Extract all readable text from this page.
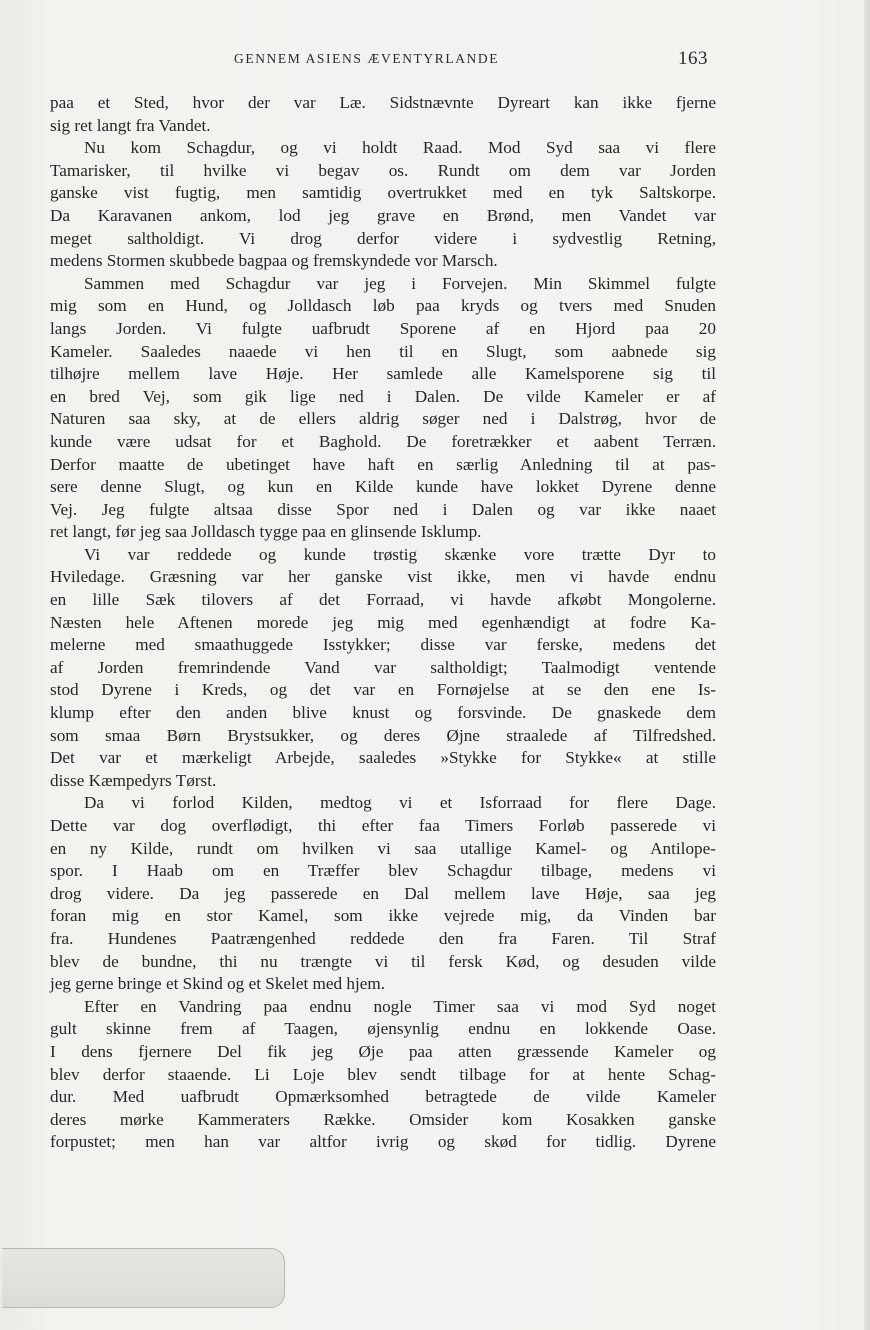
GENNEM ASIENS ÆVENTYRLANDE	163
paa et Sted, hvor der var Læ. Sidstnævnte Dyreart kan ikke fjerne
sig ret langt fra Vandet.
Nu kom Schagdur, og vi holdt Raad. Mod Syd saa vi flere
Tamarisker, til hvilke vi begav os. Rundt om dem var Jorden
ganske vist fugtig, men samtidig overtrukket med en tyk Saltskorpe.
Da Karavanen ankom, lod jeg grave en Brønd, men Vandet var
meget saltholdigt. Vi drog derfor videre i sydvestlig Retning,
medens Stormen skubbede bagpaa og fremskyndede vor Marsch.
Sammen med Schagdur var jeg i Forvejen. Min Skimmel fulgte
mig som en Hund, og Jolldasch løb paa kryds og tvers med Snuden
langs Jorden. Vi fulgte uafbrudt Sporene af en Hjord paa 20
Kameler. Saaledes naaede vi hen til en Slugt, som aabnede sig
tilhøjre mellem lave Høje. Her samlede alle Kamelsporene sig til
en bred Vej, som gik lige ned i Dalen. De vilde Kameler er af
Naturen saa sky, at de ellers aldrig søger ned i Dalstrøg, hvor de
kunde være udsat for et Baghold. De foretrækker et aabent Terræn.
Derfor maatte de ubetinget have haft en særlig Anledning til at pas-
sere denne Slugt, og kun en Kilde kunde have lokket Dyrene denne
Vej. Jeg fulgte altsaa disse Spor ned i Dalen og var ikke naaet
ret langt, før jeg saa Jolldasch tygge paa en glinsende Isklump.
Vi var reddede og kunde trøstig skænke vore trætte Dyr to
Hviledage. Græsning var her ganske vist ikke, men vi havde endnu
en lille Sæk tilovers af det Forraad, vi havde afkøbt Mongolerne.
Næsten hele Aftenen morede jeg mig med egenhændigt at fodre Ka-
melerne med smaathuggede Isstykker; disse var ferske, medens det
af Jorden fremrindende Vand var saltholdigt; Taalmodigt ventende
stod Dyrene i Kreds, og det var en Fornøjelse at se den ene Is-
klump efter den anden blive knust og forsvinde. De gnaskede dem
som smaa Børn Brystsukker, og deres Øjne straalede af Tilfredshed.
Det var et mærkeligt Arbejde, saaledes »Stykke for Stykke« at stille
disse Kæmpedyrs Tørst.
Da vi forlod Kilden, medtog vi et Isforraad for flere Dage.
Dette var dog overflødigt, thi efter faa Timers Forløb passerede vi
en ny Kilde, rundt om hvilken vi saa utallige Kamel- og Antilope-
spor. I Haab om en Træffer blev Schagdur tilbage, medens vi
drog videre. Da jeg passerede en Dal mellem lave Høje, saa jeg
foran mig en stor Kamel, som ikke vejrede mig, da Vinden bar
fra. Hundenes Paatrængenhed reddede den fra Faren. Til Straf
blev de bundne, thi nu trængte vi til fersk Kød, og desuden vilde
jeg gerne bringe et Skind og et Skelet med hjem.
Efter en Vandring paa endnu nogle Timer saa vi mod Syd noget
gult skinne frem af Taagen, øjensynlig endnu en lokkende Oase.
I dens fjernere Del fik jeg Øje paa atten græssende Kameler og
blev derfor staaende. Li Loje blev sendt tilbage for at hente Schag-
dur. Med uafbrudt Opmærksomhed betragtede de vilde Kameler
deres mørke Kammeraters Række. Omsider kom Kosakken ganske
forpustet; men han var altfor ivrig og skød for tidlig. Dyrene
